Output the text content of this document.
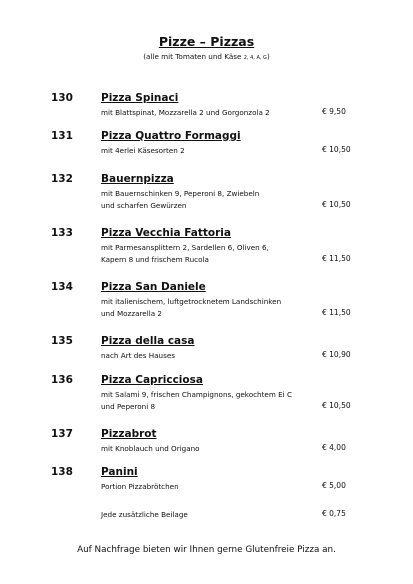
Pizze – Pizzas
(alle mit Tomaten und Käse 2, 4, A, G)
130	Pizza Spinaci
mit Blattspinat, Mozzarella 2 und Gorgonzola 2	€ 9,50
131	Pizza Quattro Formaggi
mit 4erlei Käsesorten 2	€ 10,50
132	Bauernpizza
mit Bauernschinken 9, Peperoni 8, Zwiebeln
und scharfen Gewürzen	€ 10,50
133	Pizza Vecchia Fattoria
mit Parmesansplittern 2, Sardellen 6, Oliven 6,
Kapern 8 und frischem Rucola	€ 11,50
134	Pizza San Daniele
mit italienischem, luftgetrocknetem Landschinken
und Mozzarella 2	€ 11,50
135	Pizza della casa
nach Art des Hauses	€ 10,90
136	Pizza Capricciosa
mit Salami 9, frischen Champignons, gekochtem Ei C
und Peperoni 8	€ 10,50
137	Pizzabrot
mit Knoblauch und Origano	€ 4,00
138	Panini
Portion Pizzabrötchen	€ 5,00
Jede zusätzliche Beilage	€ 0,75
Auf Nachfrage bieten wir Ihnen gerne Glutenfreie Pizza an.
